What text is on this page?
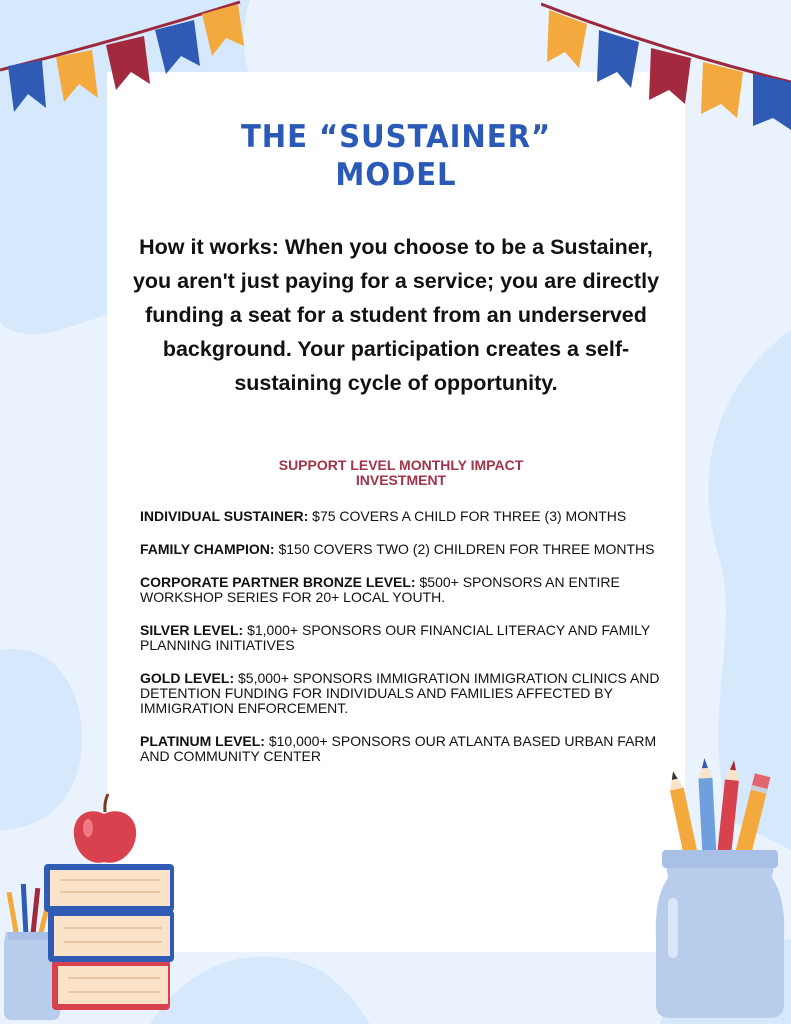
THE “SUSTAINER”
MODEL
How it works: When you choose to be a Sustainer, you aren't just paying for a service; you are directly funding a seat for a student from an underserved background. Your participation creates a self-sustaining cycle of opportunity.
SUPPORT LEVEL MONTHLY IMPACT
INVESTMENT
INDIVIDUAL SUSTAINER: $75 COVERS A CHILD FOR THREE (3) MONTHS
FAMILY CHAMPION: $150 COVERS TWO (2) CHILDREN FOR THREE MONTHS
CORPORATE PARTNER BRONZE LEVEL: $500+ SPONSORS AN ENTIRE WORKSHOP SERIES FOR 20+ LOCAL YOUTH.
SILVER LEVEL: $1,000+ SPONSORS OUR FINANCIAL LITERACY AND FAMILY PLANNING INITIATIVES
GOLD LEVEL: $5,000+ SPONSORS IMMIGRATION IMMIGRATION CLINICS AND DETENTION FUNDING FOR INDIVIDUALS AND FAMILIES AFFECTED BY IMMIGRATION ENFORCEMENT.
PLATINUM LEVEL: $10,000+ SPONSORS OUR ATLANTA BASED URBAN FARM AND COMMUNITY CENTER
